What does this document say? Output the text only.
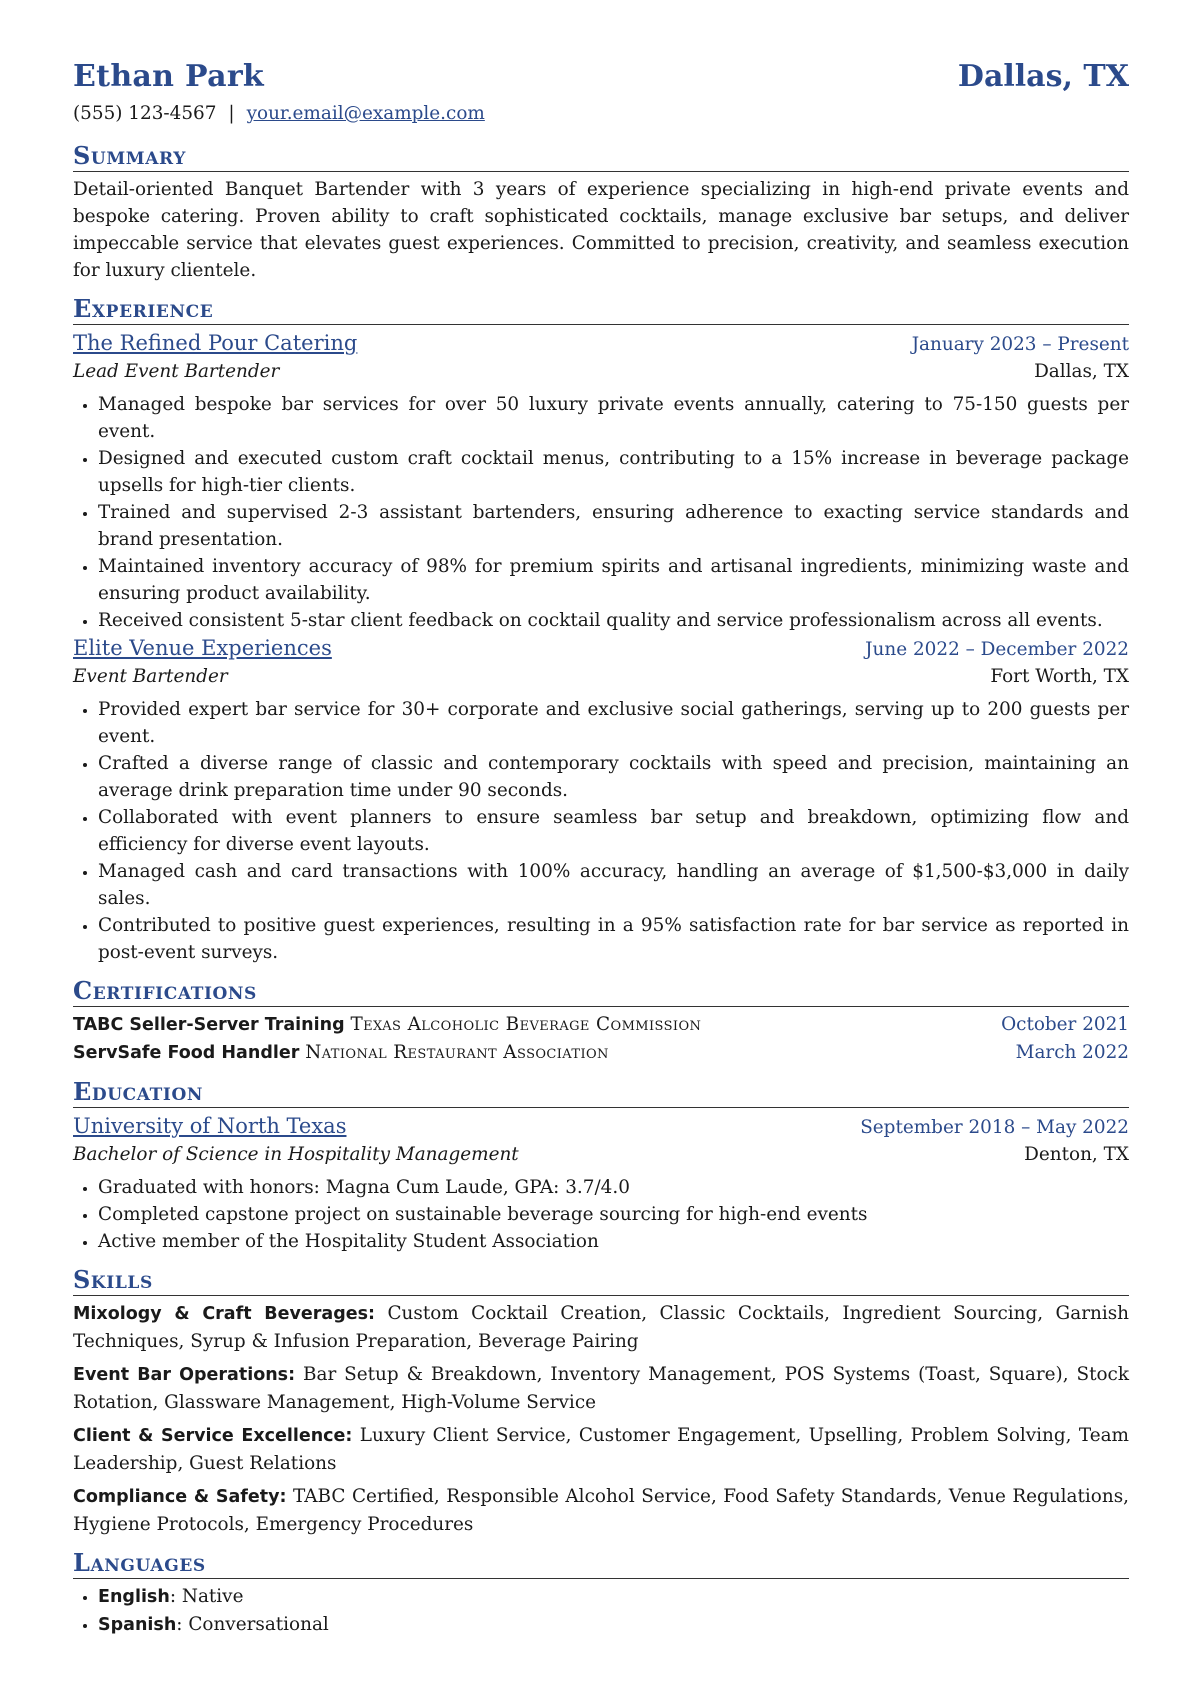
Ethan Park	Dallas, TX
(555) 123-4567 | your.email@example.com
Summary
Detail-oriented Banquet Bartender with 3 years of experience specializing in high-end private events and bespoke catering. Proven ability to craft sophisticated cocktails, manage exclusive bar setups, and deliver impeccable service that elevates guest experiences. Committed to precision, creativity, and seamless execution for luxury clientele.
Experience
The Refined Pour Catering	January 2023 – Present
Lead Event Bartender	Dallas, TX
• Managed bespoke bar services for over 50 luxury private events annually, catering to 75-150 guests per event.
• Designed and executed custom craft cocktail menus, contributing to a 15% increase in beverage package upsells for high-tier clients.
• Trained and supervised 2-3 assistant bartenders, ensuring adherence to exacting service standards and brand presentation.
• Maintained inventory accuracy of 98% for premium spirits and artisanal ingredients, minimizing waste and ensuring product availability.
• Received consistent 5-star client feedback on cocktail quality and service professionalism across all events.
Elite Venue Experiences	June 2022 – December 2022
Event Bartender	Fort Worth, TX
• Provided expert bar service for 30+ corporate and exclusive social gatherings, serving up to 200 guests per event.
• Crafted a diverse range of classic and contemporary cocktails with speed and precision, maintaining an average drink preparation time under 90 seconds.
• Collaborated with event planners to ensure seamless bar setup and breakdown, optimizing flow and efficiency for diverse event layouts.
• Managed cash and card transactions with 100% accuracy, handling an average of $1,500-$3,000 in daily sales.
• Contributed to positive guest experiences, resulting in a 95% satisfaction rate for bar service as reported in post-event surveys.
Certifications
TABC Seller-Server Training Texas Alcoholic Beverage Commission	October 2021
ServSafe Food Handler National Restaurant Association	March 2022
Education
University of North Texas	September 2018 – May 2022
Bachelor of Science in Hospitality Management	Denton, TX
• Graduated with honors: Magna Cum Laude, GPA: 3.7/4.0
• Completed capstone project on sustainable beverage sourcing for high-end events
• Active member of the Hospitality Student Association
Skills
Mixology & Craft Beverages: Custom Cocktail Creation, Classic Cocktails, Ingredient Sourcing, Garnish Techniques, Syrup & Infusion Preparation, Beverage Pairing
Event Bar Operations: Bar Setup & Breakdown, Inventory Management, POS Systems (Toast, Square), Stock Rotation, Glassware Management, High-Volume Service
Client & Service Excellence: Luxury Client Service, Customer Engagement, Upselling, Problem Solving, Team Leadership, Guest Relations
Compliance & Safety: TABC Certified, Responsible Alcohol Service, Food Safety Standards, Venue Regulations, Hygiene Protocols, Emergency Procedures
Languages
• English: Native
• Spanish: Conversational
